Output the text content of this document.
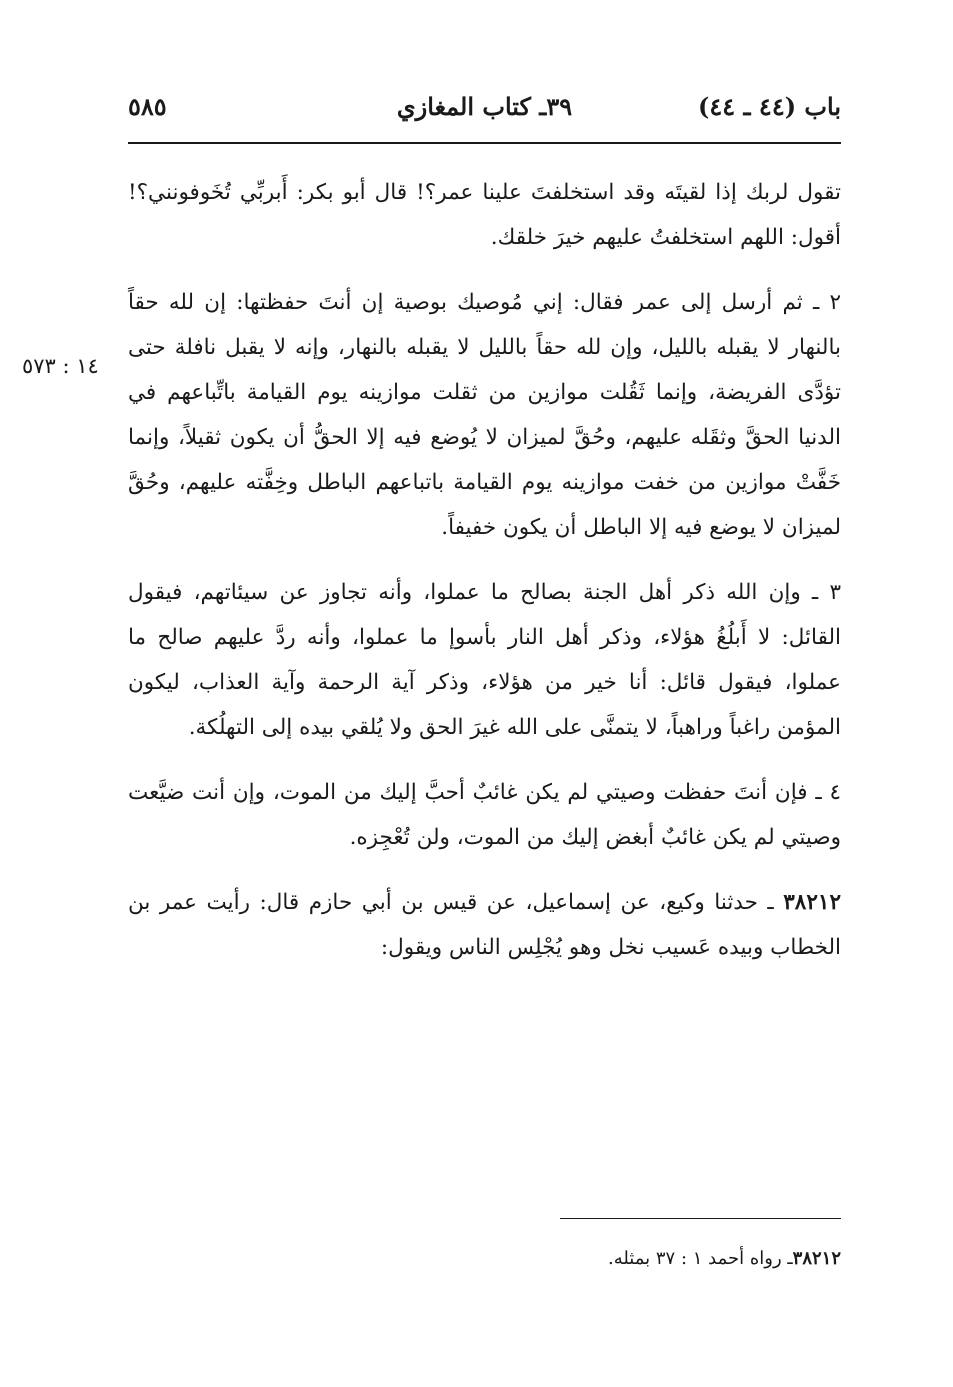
باب (٤٤ ـ ٤٤)
٣٩ـ كتاب المغازي
٥٨٥
١٤ : ٥٧٣

تقول لربك إذا لقيتَه وقد استخلفتَ علينا عمر؟! قال أبو بكر: أَبربِّي تُخَوفونني؟! أقول: اللهم استخلفتُ عليهم خيرَ خلقك.

٢ ـ ثم أرسل إلى عمر فقال: إني مُوصيك بوصية إن أنتَ حفظتها: إن لله حقاً بالنهار لا يقبله بالليل، وإن لله حقاً بالليل لا يقبله بالنهار، وإنه لا يقبل نافلة حتى تؤدَّى الفريضة، وإنما ثَقُلت موازين من ثقلت موازينه يوم القيامة باتِّباعهم في الدنيا الحقَّ وثقَله عليهم، وحُقَّ لميزان لا يُوضع فيه إلا الحقُّ أن يكون ثقيلاً، وإنما خَفَّتْ موازين من خفت موازينه يوم القيامة باتباعهم الباطل وخِفَّته عليهم، وحُقَّ لميزان لا يوضع فيه إلا الباطل أن يكون خفيفاً.

٣ ـ وإن الله ذكر أهل الجنة بصالح ما عملوا، وأنه تجاوز عن سيئاتهم، فيقول القائل: لا أَبلُغُ هؤلاء، وذكر أهل النار بأسوإ ما عملوا، وأنه ردَّ عليهم صالح ما عملوا، فيقول قائل: أنا خير من هؤلاء، وذكر آية الرحمة وآية العذاب، ليكون المؤمن راغباً وراهباً، لا يتمنَّى على الله غيرَ الحق ولا يُلقي بيده إلى التهلُكة.

٤ ـ فإن أنتَ حفظت وصيتي لم يكن غائبٌ أحبَّ إليك من الموت، وإن أنت ضيَّعت وصيتي لم يكن غائبٌ أبغض إليك من الموت، ولن تُعْجِزه.

٣٨٢١٢ ـ حدثنا وكيع، عن إسماعيل، عن قيس بن أبي حازم قال: رأيت عمر بن الخطاب وبيده عَسيب نخل وهو يُجْلِس الناس ويقول:

٣٨٢١٢ـ رواه أحمد ١ : ٣٧ بمثله.
